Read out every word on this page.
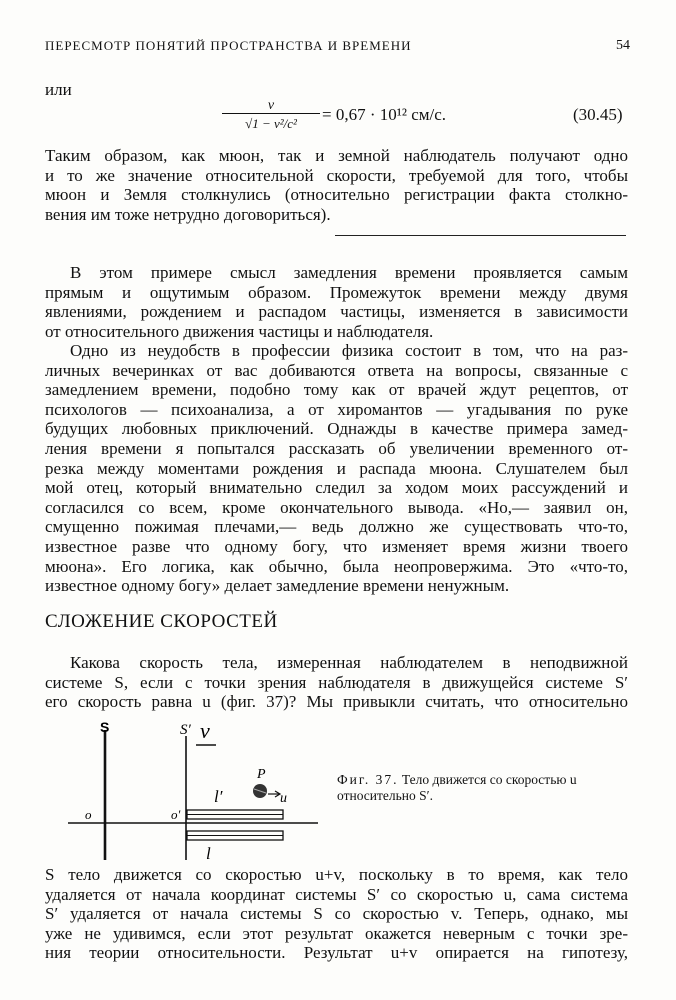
ПЕРЕСМОТР ПОНЯТИЙ ПРОСТРАНСТВА И ВРЕМЕНИ	54
или
v
√1 − v²/c²	= 0,67 · 10¹² см/с.	(30.45)
Таким образом, как мюон, так и земной наблюдатель получают одно
и то же значение относительной скорости, требуемой для того, чтобы
мюон и Земля столкнулись (относительно регистрации факта столкно-
вения им тоже нетрудно договориться).
В этом примере смысл замедления времени проявляется самым
прямым и ощутимым образом. Промежуток времени между двумя
явлениями, рождением и распадом частицы, изменяется в зависимости
от относительного движения частицы и наблюдателя.
Одно из неудобств в профессии физика состоит в том, что на раз-
личных вечеринках от вас добиваются ответа на вопросы, связанные с
замедлением времени, подобно тому как от врачей ждут рецептов, от
психологов — психоанализа, а от хиромантов — угадывания по руке
будущих любовных приключений. Однажды в качестве примера замед-
ления времени я попытался рассказать об увеличении временного от-
резка между моментами рождения и распада мюона. Слушателем был
мой отец, который внимательно следил за ходом моих рассуждений и
согласился со всем, кроме окончательного вывода. «Но,— заявил он,
смущенно пожимая плечами,— ведь должно же существовать что-то,
известное разве что одному богу, что изменяет время жизни твоего
мюона». Его логика, как обычно, была неопровержима. Это «что-то,
известное одному богу» делает замедление времени ненужным.
СЛОЖЕНИЕ СКОРОСТЕЙ
Какова скорость тела, измеренная наблюдателем в неподвижной
системе S, если с точки зрения наблюдателя в движущейся системе S′
его скорость равна u (фиг. 37)? Мы привыкли считать, что относительно
S	S′ v
P
u
l′
o	o′
l
Фиг. 37. Тело движется со скоростью u относительно S′.
S тело движется со скоростью u+v, поскольку в то время, как тело
удаляется от начала координат системы S′ со скоростью u, сама система
S′ удаляется от начала системы S со скоростью v. Теперь, однако, мы
уже не удивимся, если этот результат окажется неверным с точки зре-
ния теории относительности. Результат u+v опирается на гипотезу,
